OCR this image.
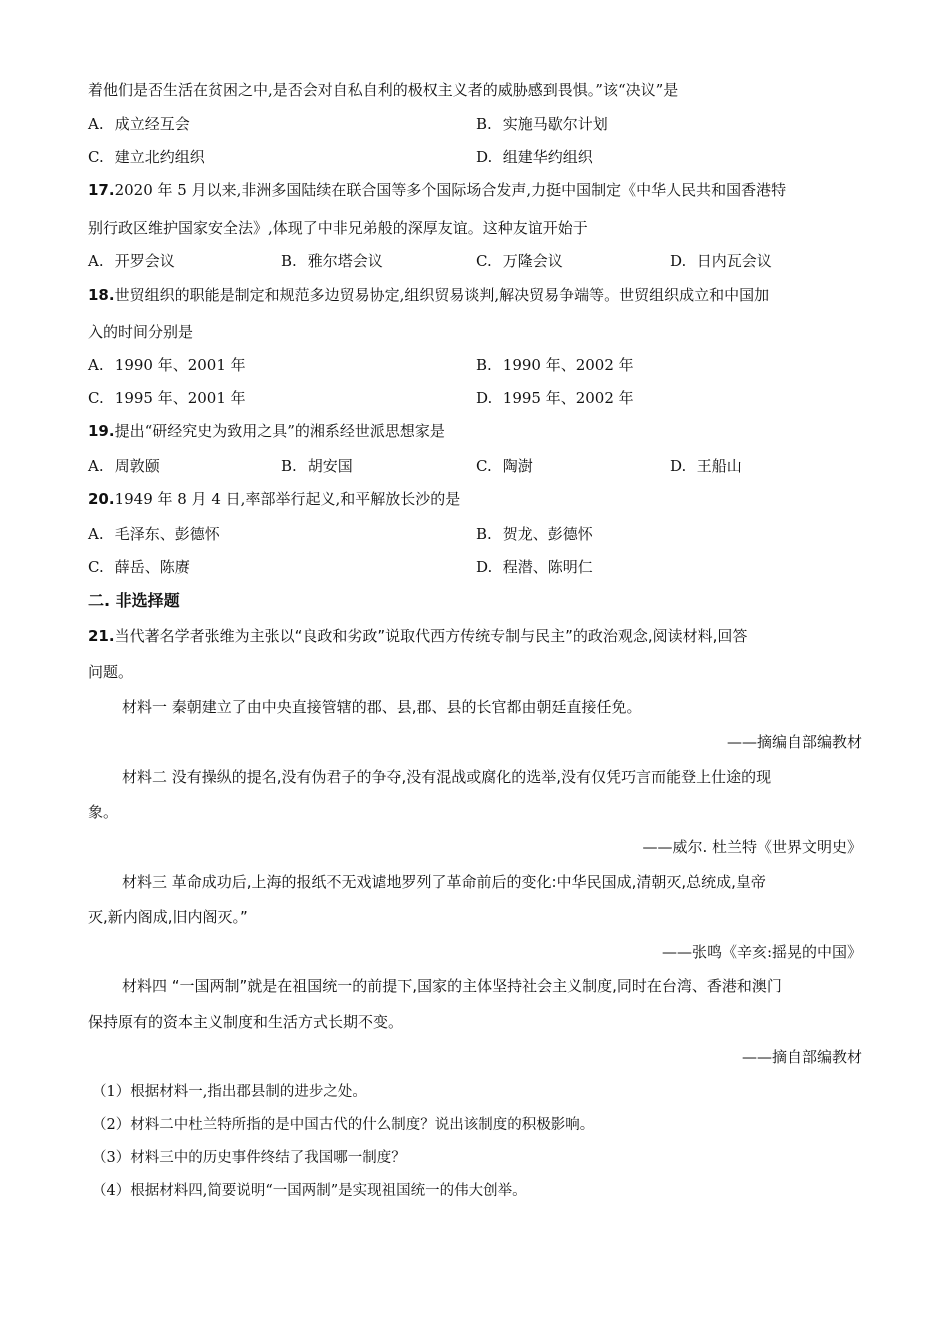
着他们是否生活在贫困之中,是否会对自私自利的极权主义者的威胁感到畏惧。”该“决议”是
A. 成立经互会	B. 实施马歇尔计划
C. 建立北约组织	D. 组建华约组织
17.2020 年 5 月以来,非洲多国陆续在联合国等多个国际场合发声,力挺中国制定《中华人民共和国香港特
别行政区维护国家安全法》,体现了中非兄弟般的深厚友谊。这种友谊开始于
A. 开罗会议	B. 雅尔塔会议	C. 万隆会议	D. 日内瓦会议
18.世贸组织的职能是制定和规范多边贸易协定,组织贸易谈判,解决贸易争端等。世贸组织成立和中国加
入的时间分别是
A. 1990 年、2001 年	B. 1990 年、2002 年
C. 1995 年、2001 年	D. 1995 年、2002 年
19.提出“研经究史为致用之具”的湘系经世派思想家是
A. 周敦颐	B. 胡安国	C. 陶澍	D. 王船山
20.1949 年 8 月 4 日,率部举行起义,和平解放长沙的是
A. 毛泽东、彭德怀	B. 贺龙、彭德怀
C. 薛岳、陈赓	D. 程潜、陈明仁
二. 非选择题
21.当代著名学者张维为主张以“良政和劣政”说取代西方传统专制与民主”的政治观念,阅读材料,回答
问题。
材料一 秦朝建立了由中央直接管辖的郡、县,郡、县的长官都由朝廷直接任免。
——摘编自部编教材
材料二 没有操纵的提名,没有伪君子的争夺,没有混战或腐化的选举,没有仅凭巧言而能登上仕途的现
象。
——威尔. 杜兰特《世界文明史》
材料三 革命成功后,上海的报纸不无戏谑地罗列了革命前后的变化:中华民国成,清朝灭,总统成,皇帝
灭,新内阁成,旧内阁灭。”
——张鸣《辛亥:摇晃的中国》
材料四 “一国两制”就是在祖国统一的前提下,国家的主体坚持社会主义制度,同时在台湾、香港和澳门
保持原有的资本主义制度和生活方式长期不变。
——摘自部编教材
（1）根据材料一,指出郡县制的进步之处。
（2）材料二中杜兰特所指的是中国古代的什么制度？说出该制度的积极影响。
（3）材料三中的历史事件终结了我国哪一制度？
（4）根据材料四,简要说明“一国两制”是实现祖国统一的伟大创举。
